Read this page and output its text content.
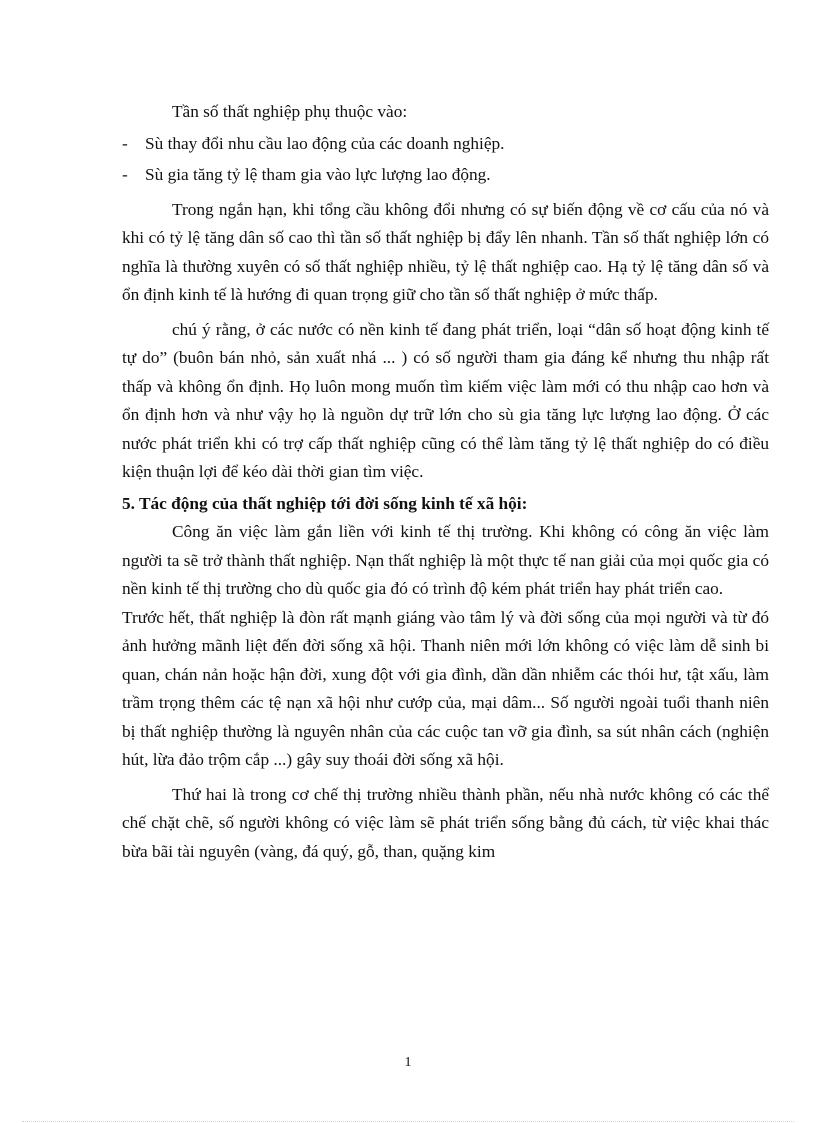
Tần số thất nghiệp phụ thuộc vào:

- Sù thay đổi nhu cầu lao động của các doanh nghiệp.
- Sù gia tăng tỷ lệ tham gia vào lực lượng lao động.

Trong ngắn hạn, khi tổng cầu không đổi nhưng có sự biến động về cơ cấu của nó và khi có tỷ lệ tăng dân số cao thì tần số thất nghiệp bị đẩy lên nhanh. Tần số thất nghiệp lớn có nghĩa là thường xuyên có số thất nghiệp nhiều, tỷ lệ thất nghiệp cao. Hạ tỷ lệ tăng dân số và ổn định kinh tế là hướng đi quan trọng giữ cho tần số thất nghiệp ở mức thấp.

chú ý rằng, ở các nước có nền kinh tế đang phát triển, loại “dân số hoạt động kinh tế tự do” (buôn bán nhỏ, sản xuất nhá ... ) có số người tham gia đáng kể nhưng thu nhập rất thấp và không ổn định. Họ luôn mong muốn tìm kiếm việc làm mới có thu nhập cao hơn và ổn định hơn và như vậy họ là nguồn dự trữ lớn cho sù gia tăng lực lượng lao động. Ở các nước phát triển khi có trợ cấp thất nghiệp cũng có thể làm tăng tỷ lệ thất nghiệp do có điều kiện thuận lợi để kéo dài thời gian tìm việc.

5. Tác động của thất nghiệp tới đời sống kinh tế xã hội:

Công ăn việc làm gắn liền với kinh tế thị trường. Khi không có công ăn việc làm người ta sẽ trở thành thất nghiệp. Nạn thất nghiệp là một thực tế nan giải của mọi quốc gia có nền kinh tế thị trường cho dù quốc gia đó có trình độ kém phát triển hay phát triển cao.

Trước hết, thất nghiệp là đòn rất mạnh giáng vào tâm lý và đời sống của mọi người và từ đó ảnh hưởng mãnh liệt đến đời sống xã hội. Thanh niên mới lớn không có việc làm dễ sinh bi quan, chán nản hoặc hận đời, xung đột với gia đình, dần dần nhiễm các thói hư, tật xấu, làm trầm trọng thêm các tệ nạn xã hội như cướp của, mại dâm... Số người ngoài tuổi thanh niên bị thất nghiệp thường là nguyên nhân của các cuộc tan vỡ gia đình, sa sút nhân cách (nghiện hút, lừa đảo trộm cắp ...) gây suy thoái đời sống xã hội.

Thứ hai là trong cơ chế thị trường nhiều thành phần, nếu nhà nước không có các thể chế chặt chẽ, số người không có việc làm sẽ phát triển sống bằng đủ cách, từ việc khai thác bừa bãi tài nguyên (vàng, đá quý, gỗ, than, quặng kim

1
